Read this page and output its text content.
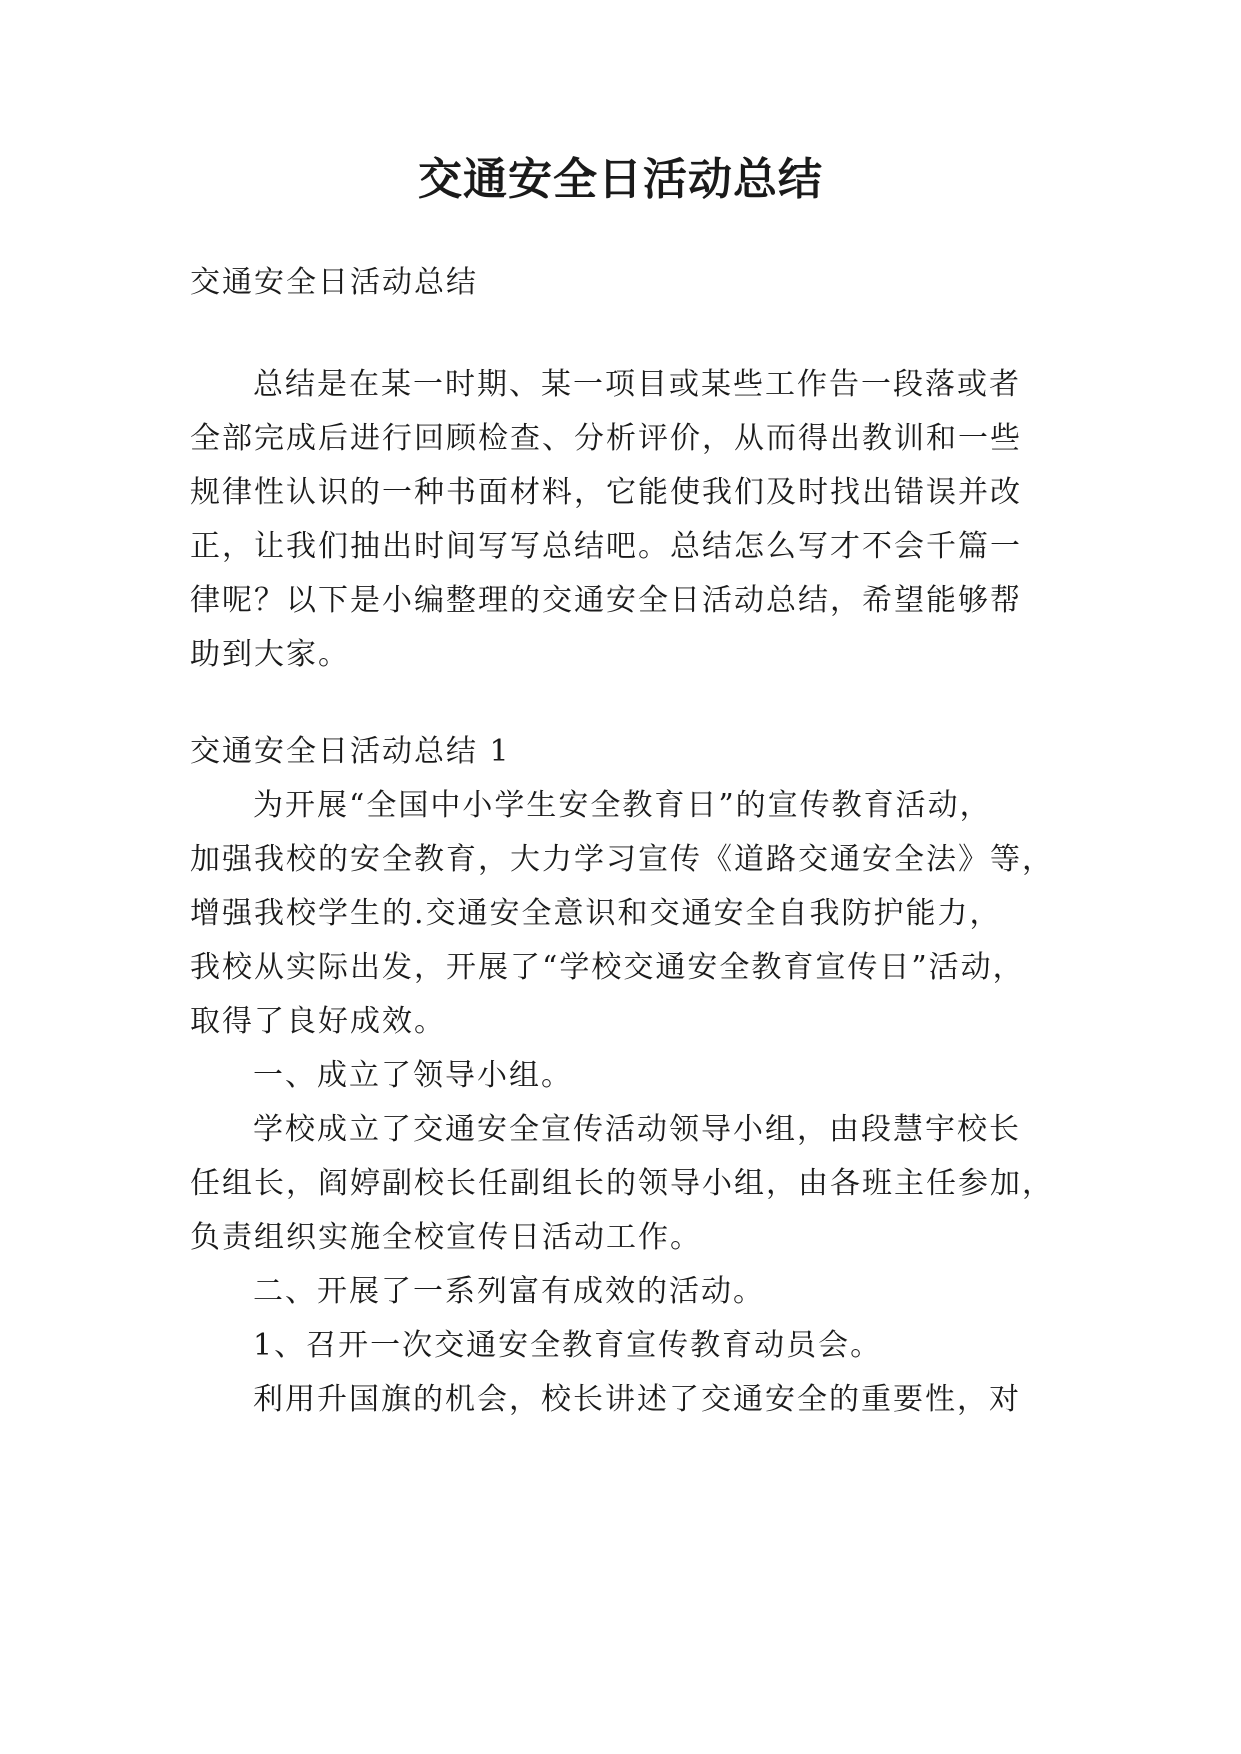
交通安全日活动总结

交通安全日活动总结

总结是在某一时期、某一项目或某些工作告一段落或者

全部完成后进行回顾检查、分析评价，从而得出教训和一些

规律性认识的一种书面材料，它能使我们及时找出错误并改

正，让我们抽出时间写写总结吧。总结怎么写才不会千篇一

律呢？以下是小编整理的交通安全日活动总结，希望能够帮

助到大家。

交通安全日活动总结 1

为开展“全国中小学生安全教育日”的宣传教育活动，

加强我校的安全教育，大力学习宣传《道路交通安全法》等，

增强我校学生的.交通安全意识和交通安全自我防护能力，

我校从实际出发，开展了“学校交通安全教育宣传日”活动，

取得了良好成效。

一、成立了领导小组。

学校成立了交通安全宣传活动领导小组，由段慧宇校长

任组长，阎婷副校长任副组长的领导小组，由各班主任参加，

负责组织实施全校宣传日活动工作。

二、开展了一系列富有成效的活动。

1、召开一次交通安全教育宣传教育动员会。

利用升国旗的机会，校长讲述了交通安全的重要性，对
